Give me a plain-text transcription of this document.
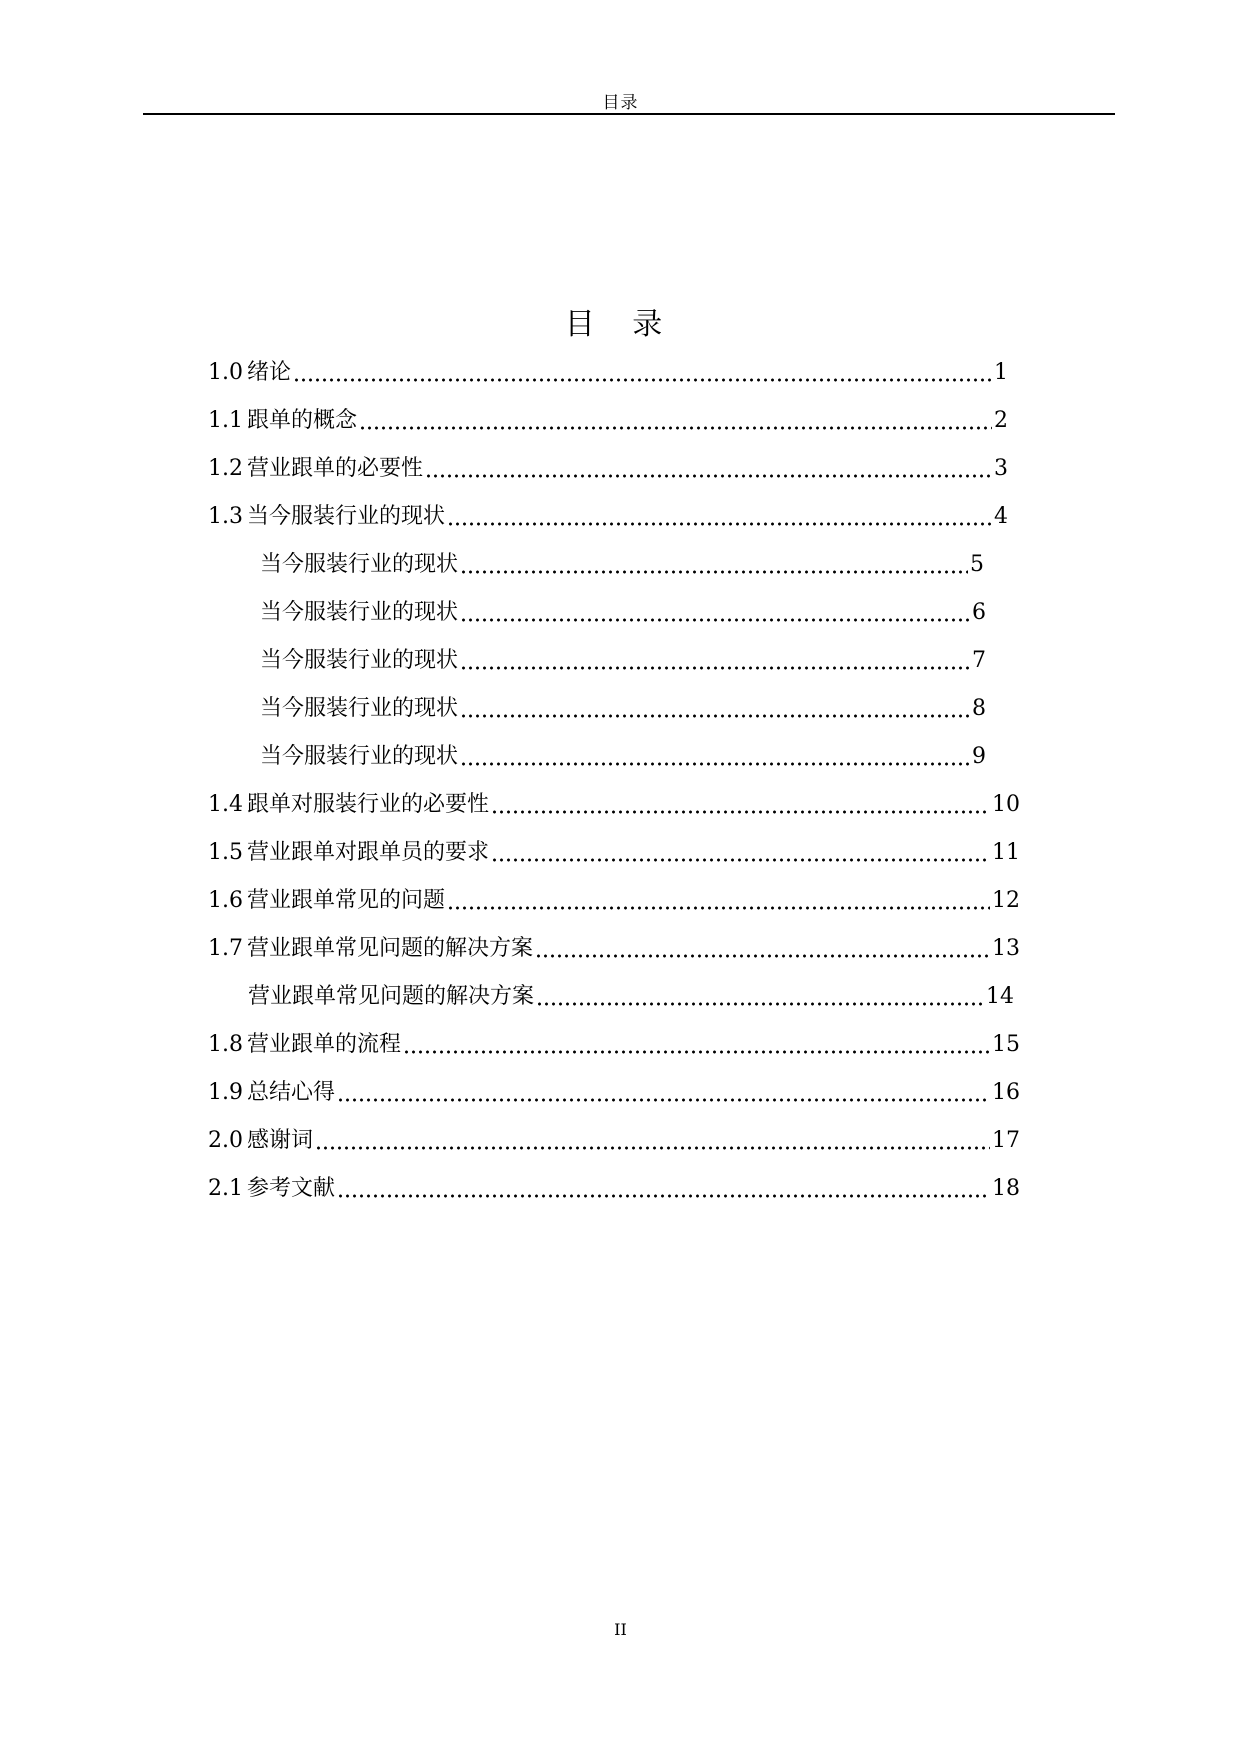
目录
目 录
1.0 绪论	1
1.1 跟单的概念	2
1.2 营业跟单的必要性	3
1.3 当今服装行业的现状	4
当今服装行业的现状	5
当今服装行业的现状	6
当今服装行业的现状	7
当今服装行业的现状	8
当今服装行业的现状	9
1.4 跟单对服装行业的必要性	10
1.5 营业跟单对跟单员的要求	11
1.6 营业跟单常见的问题	12
1.7 营业跟单常见问题的解决方案	13
营业跟单常见问题的解决方案	14
1.8 营业跟单的流程	15
1.9 总结心得	16
2.0 感谢词	17
2.1 参考文献	18
II
